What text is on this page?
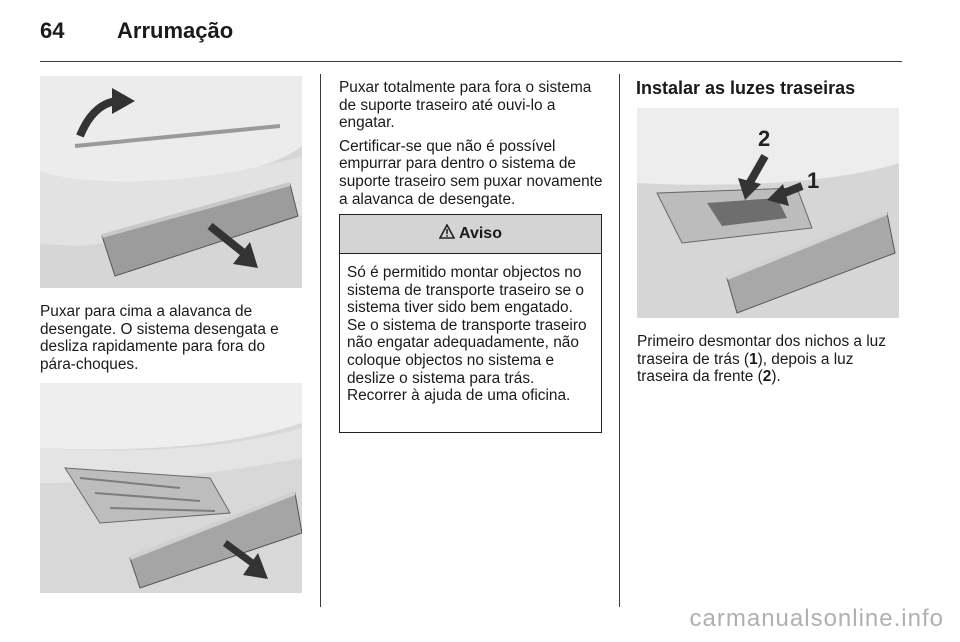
64 Arrumação

Puxar para cima a alavanca de desengate. O sistema desengata e desliza rapidamente para fora do pára-choques.

Puxar totalmente para fora o sistema de suporte traseiro até ouvi-lo a engatar.

Certificar-se que não é possível empurrar para dentro o sistema de suporte traseiro sem puxar novamente a alavanca de desengate.

Aviso
Só é permitido montar objectos no sistema de transporte traseiro se o sistema tiver sido bem engatado. Se o sistema de transporte traseiro não engatar adequadamente, não coloque objectos no sistema e deslize o sistema para trás. Recorrer à ajuda de uma oficina.
Instalar as luzes traseiras
2
1
Primeiro desmontar dos nichos a luz traseira de trás (1), depois a luz traseira da frente (2).
carmanualsonline.info
